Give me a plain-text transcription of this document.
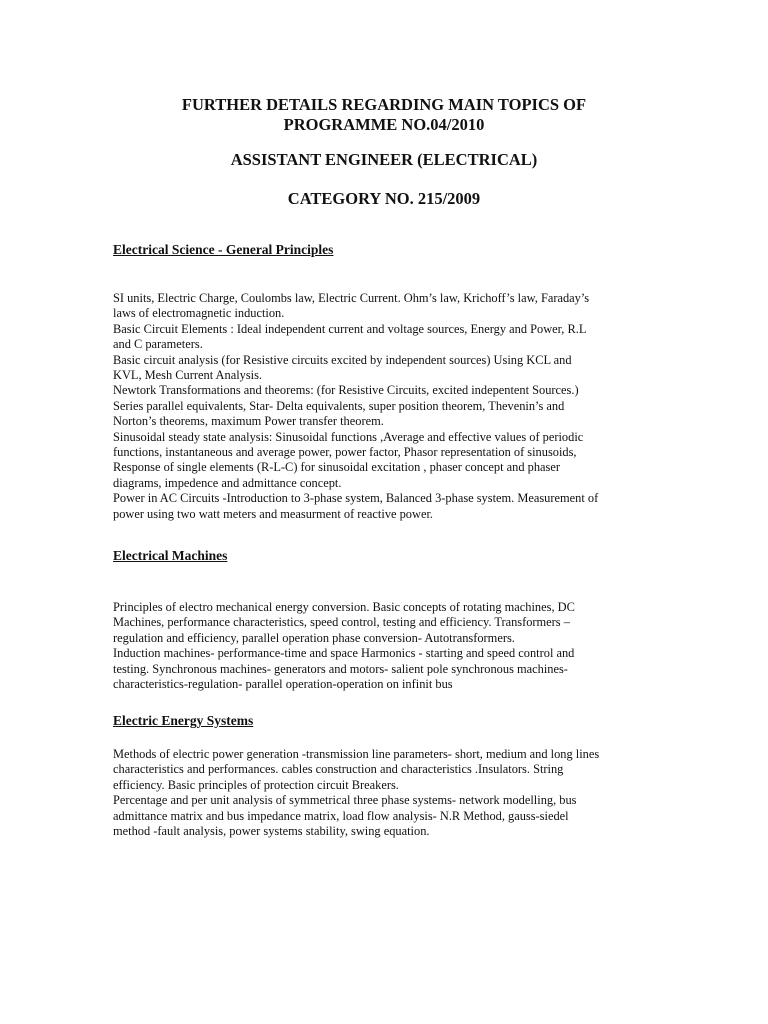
FURTHER DETAILS REGARDING MAIN TOPICS OF
PROGRAMME NO.04/2010
ASSISTANT ENGINEER (ELECTRICAL)
CATEGORY NO. 215/2009
Electrical Science - General Principles
SI units, Electric Charge, Coulombs law, Electric Current. Ohm’s law, Krichoff’s law, Faraday’s
laws of electromagnetic induction.
Basic Circuit Elements : Ideal independent current and voltage sources, Energy and Power, R.L
and C parameters.
Basic circuit analysis (for Resistive circuits excited by independent sources) Using KCL and
KVL, Mesh Current Analysis.
Newtork Transformations and theorems: (for Resistive Circuits, excited indepentent Sources.)
Series parallel equivalents, Star- Delta equivalents, super position theorem, Thevenin’s and
Norton’s theorems, maximum Power transfer theorem.
Sinusoidal steady state analysis: Sinusoidal functions ,Average and effective values of periodic
functions, instantaneous and average power, power factor, Phasor representation of sinusoids,
Response of single elements (R-L-C) for sinusoidal excitation , phaser concept and phaser
diagrams, impedence and admittance concept.
Power in AC Circuits -Introduction to 3-phase system, Balanced 3-phase system. Measurement of
power using two watt meters and measurment of reactive power.
Electrical Machines
Principles of electro mechanical energy conversion. Basic concepts of rotating machines, DC
Machines, performance characteristics, speed control, testing and efficiency. Transformers –
regulation and efficiency, parallel operation phase conversion- Autotransformers.
Induction machines- performance-time and space Harmonics - starting and speed control and
testing. Synchronous machines- generators and motors- salient pole synchronous machines-
characteristics-regulation- parallel operation-operation on infinit bus
Electric Energy Systems
Methods of electric power generation -transmission line parameters- short, medium and long lines
characteristics and performances. cables construction and characteristics .Insulators. String
efficiency. Basic principles of protection circuit Breakers.
Percentage and per unit analysis of symmetrical three phase systems- network modelling, bus
admittance matrix and bus impedance matrix, load flow analysis- N.R Method, gauss-siedel
method -fault analysis, power systems stability, swing equation.
